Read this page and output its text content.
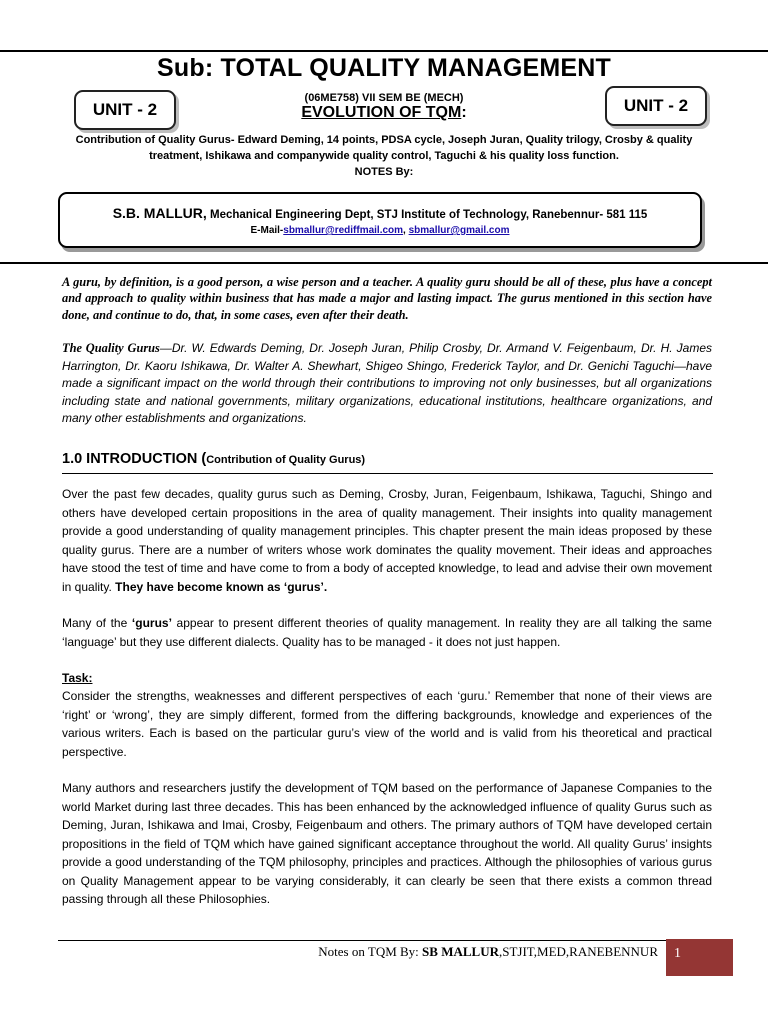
Sub: TOTAL QUALITY MANAGEMENT
UNIT - 2	UNIT - 2
(06ME758) VII SEM BE (MECH)
EVOLUTION OF TQM:
Contribution of Quality Gurus- Edward Deming, 14 points, PDSA cycle, Joseph Juran, Quality trilogy, Crosby & quality treatment, Ishikawa and companywide quality control, Taguchi & his quality loss function.
NOTES By:
S.B. MALLUR, Mechanical Engineering Dept, STJ Institute of Technology, Ranebennur- 581 115
E-Mail-sbmallur@rediffmail.com, sbmallur@gmail.com
A guru, by definition, is a good person, a wise person and a teacher. A quality guru should be all of these, plus have a concept and approach to quality within business that has made a major and lasting impact. The gurus mentioned in this section have done, and continue to do, that, in some cases, even after their death.
The Quality Gurus—Dr. W. Edwards Deming, Dr. Joseph Juran, Philip Crosby, Dr. Armand V. Feigenbaum, Dr. H. James Harrington, Dr. Kaoru Ishikawa, Dr. Walter A. Shewhart, Shigeo Shingo, Frederick Taylor, and Dr. Genichi Taguchi—have made a significant impact on the world through their contributions to improving not only businesses, but all organizations including state and national governments, military organizations, educational institutions, healthcare organizations, and many other establishments and organizations.
1.0 INTRODUCTION (Contribution of Quality Gurus)
Over the past few decades, quality gurus such as Deming, Crosby, Juran, Feigenbaum, Ishikawa, Taguchi, Shingo and others have developed certain propositions in the area of quality management. Their insights into quality management provide a good understanding of quality management principles. This chapter present the main ideas proposed by these quality gurus. There are a number of writers whose work dominates the quality movement. Their ideas and approaches have stood the test of time and have come to from a body of accepted knowledge, to lead and advise their own movement in quality. They have become known as ‘gurus’.
Many of the ‘gurus’ appear to present different theories of quality management. In reality they are all talking the same ‘language’ but they use different dialects. Quality has to be managed - it does not just happen.
Task:
Consider the strengths, weaknesses and different perspectives of each ‘guru.’ Remember that none of their views are ‘right’ or ‘wrong’, they are simply different, formed from the differing backgrounds, knowledge and experiences of the various writers. Each is based on the particular guru’s view of the world and is valid from his theoretical and practical perspective.
Many authors and researchers justify the development of TQM based on the performance of Japanese Companies to the world Market during last three decades. This has been enhanced by the acknowledged influence of quality Gurus such as Deming, Juran, Ishikawa and Imai, Crosby, Feigenbaum and others. The primary authors of TQM have developed certain propositions in the field of TQM which have gained significant acceptance throughout the world. All quality Gurus’ insights provide a good understanding of the TQM philosophy, principles and practices. Although the philosophies of various gurus on Quality Management appear to be varying considerably, it can clearly be seen that there exists a common thread passing through all these Philosophies.
Notes on TQM By: SB MALLUR,STJIT,MED,RANEBENNUR	1
